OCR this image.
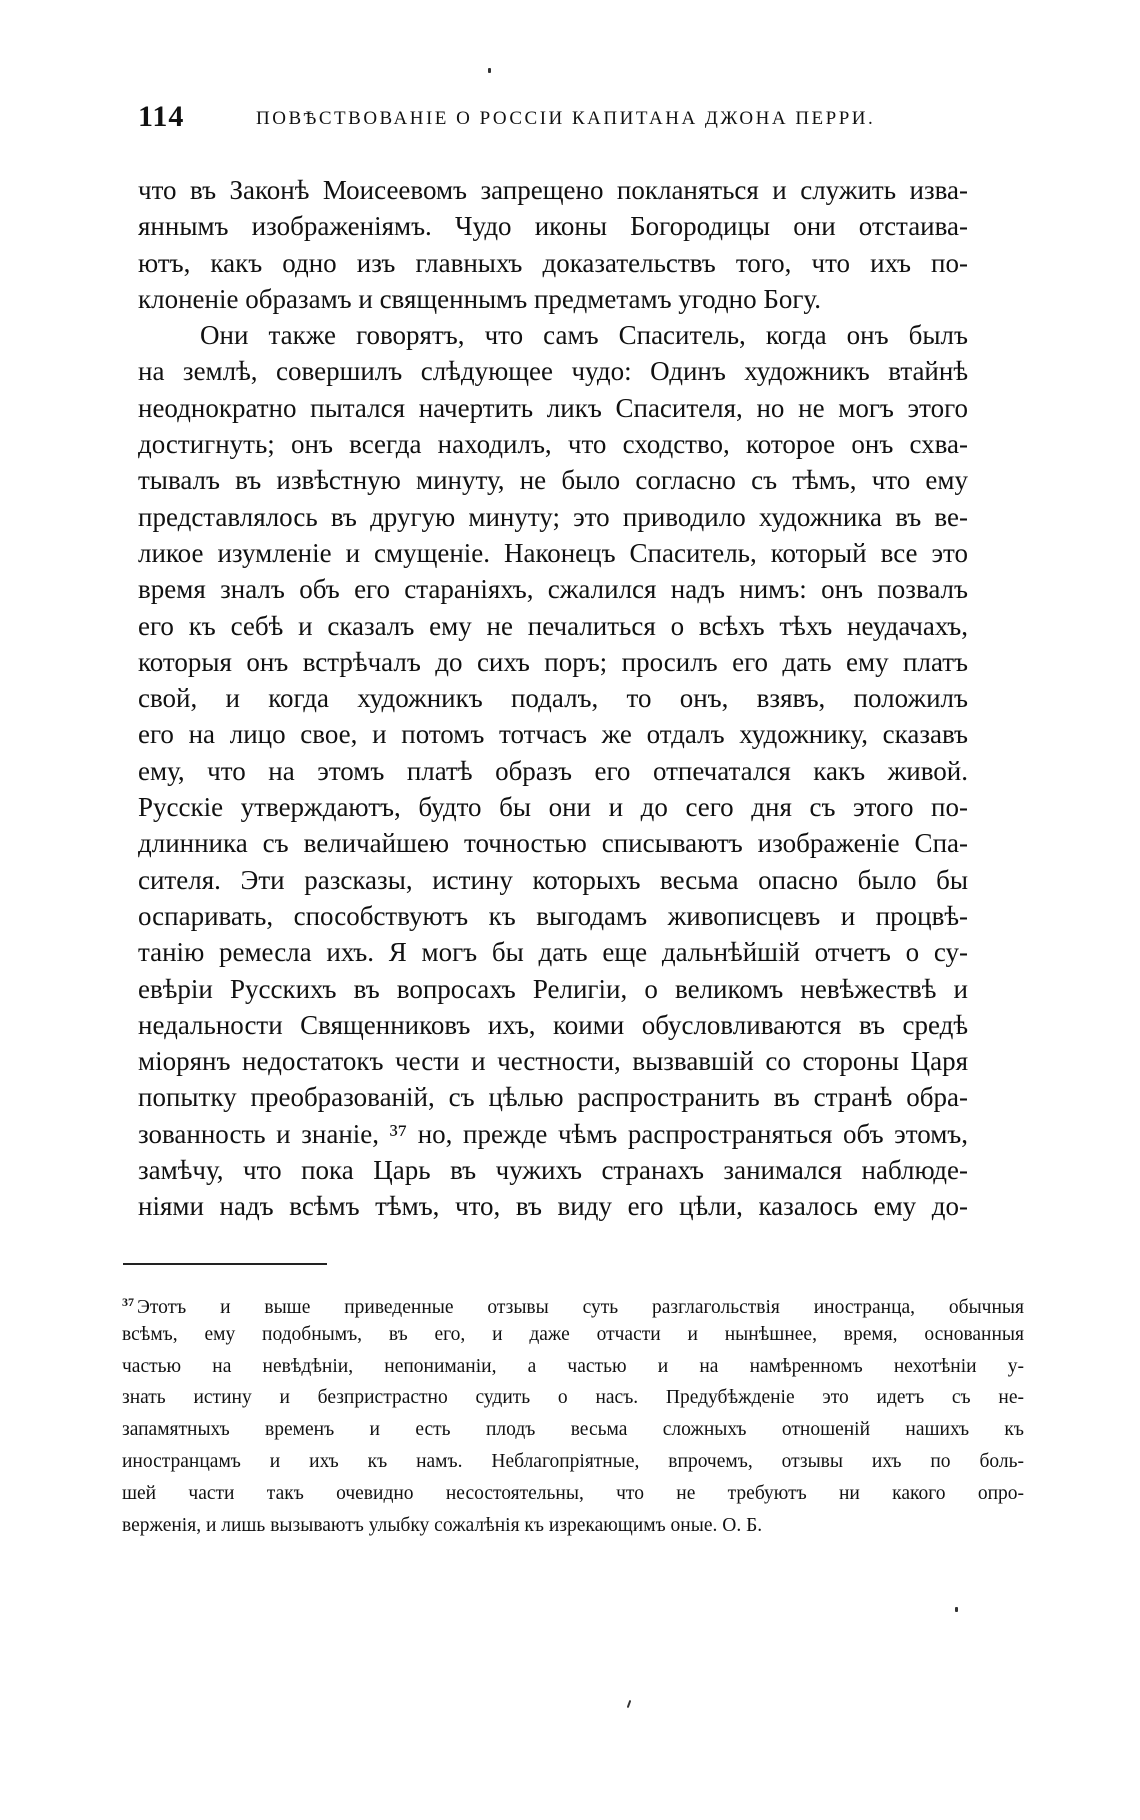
114	ПОВѢСТВОВАНІЕ О РОССІИ КАПИТАНА ДЖОНА ПЕРРИ.
что въ Законѣ Моисеевомъ запрещено покланяться и служить изва-
яннымъ изображеніямъ. Чудо иконы Богородицы они отстаива-
ютъ, какъ одно изъ главныхъ доказательствъ того, что ихъ по-
клоненіе образамъ и священнымъ предметамъ угодно Богу.
Они также говорятъ, что самъ Спаситель, когда онъ былъ
на землѣ, совершилъ слѣдующее чудо: Одинъ художникъ втайнѣ
неоднократно пытался начертить ликъ Спасителя, но не могъ этого
достигнуть; онъ всегда находилъ, что сходство, которое онъ схва-
тывалъ въ извѣстную минуту, не было согласно съ тѣмъ, что ему
представлялось въ другую минуту; это приводило художника въ ве-
ликое изумленіе и смущеніе. Наконецъ Спаситель, который все это
время зналъ объ его стараніяхъ, сжалился надъ нимъ: онъ позвалъ
его къ себѣ и сказалъ ему не печалиться о всѣхъ тѣхъ неудачахъ,
которыя онъ встрѣчалъ до сихъ поръ; просилъ его дать ему платъ
свой, и когда художникъ подалъ, то онъ, взявъ, положилъ
его на лицо свое, и потомъ тотчасъ же отдалъ художнику, сказавъ
ему, что на этомъ платѣ образъ его отпечатался какъ живой.
Русскіе утверждаютъ, будто бы они и до сего дня съ этого по-
длинника съ величайшею точностью списываютъ изображеніе Спа-
сителя. Эти разсказы, истину которыхъ весьма опасно было бы
оспаривать, способствуютъ къ выгодамъ живописцевъ и процвѣ-
танію ремесла ихъ. Я могъ бы дать еще дальнѣйшій отчетъ о су-
евѣріи Русскихъ въ вопросахъ Религіи, о великомъ невѣжествѣ и
недальности Священниковъ ихъ, коими обусловливаются въ средѣ
міорянъ недостатокъ чести и честности, вызвавшій со стороны Царя
попытку преобразованій, съ цѣлью распространить въ странѣ обра-
зованность и знаніе, ³⁷ но, прежде чѣмъ распространяться объ этомъ,
замѣчу, что пока Царь въ чужихъ странахъ занимался наблюде-
ніями надъ всѣмъ тѣмъ, что, въ виду его цѣли, казалось ему до-
$^{37}$ Этотъ и выше приведенные отзывы суть разглагольствія иностранца, обычныя
всѣмъ, ему подобнымъ, въ его, и даже отчасти и нынѣшнее, время, основанныя
частью на невѣдѣніи, непониманіи, а частью и на намѣренномъ нехотѣніи у-
знать истину и безпристрастно судить о насъ. Предубѣжденіе это идетъ съ не-
запамятныхъ временъ и есть плодъ весьма сложныхъ отношеній нашихъ къ
иностранцамъ и ихъ къ намъ. Неблагопріятные, впрочемъ, отзывы ихъ по боль-
шей части такъ очевидно несостоятельны, что не требуютъ ни какого опро-
верженія, и лишь вызываютъ улыбку сожалѣнія къ изрекающимъ оные. О. Б.
